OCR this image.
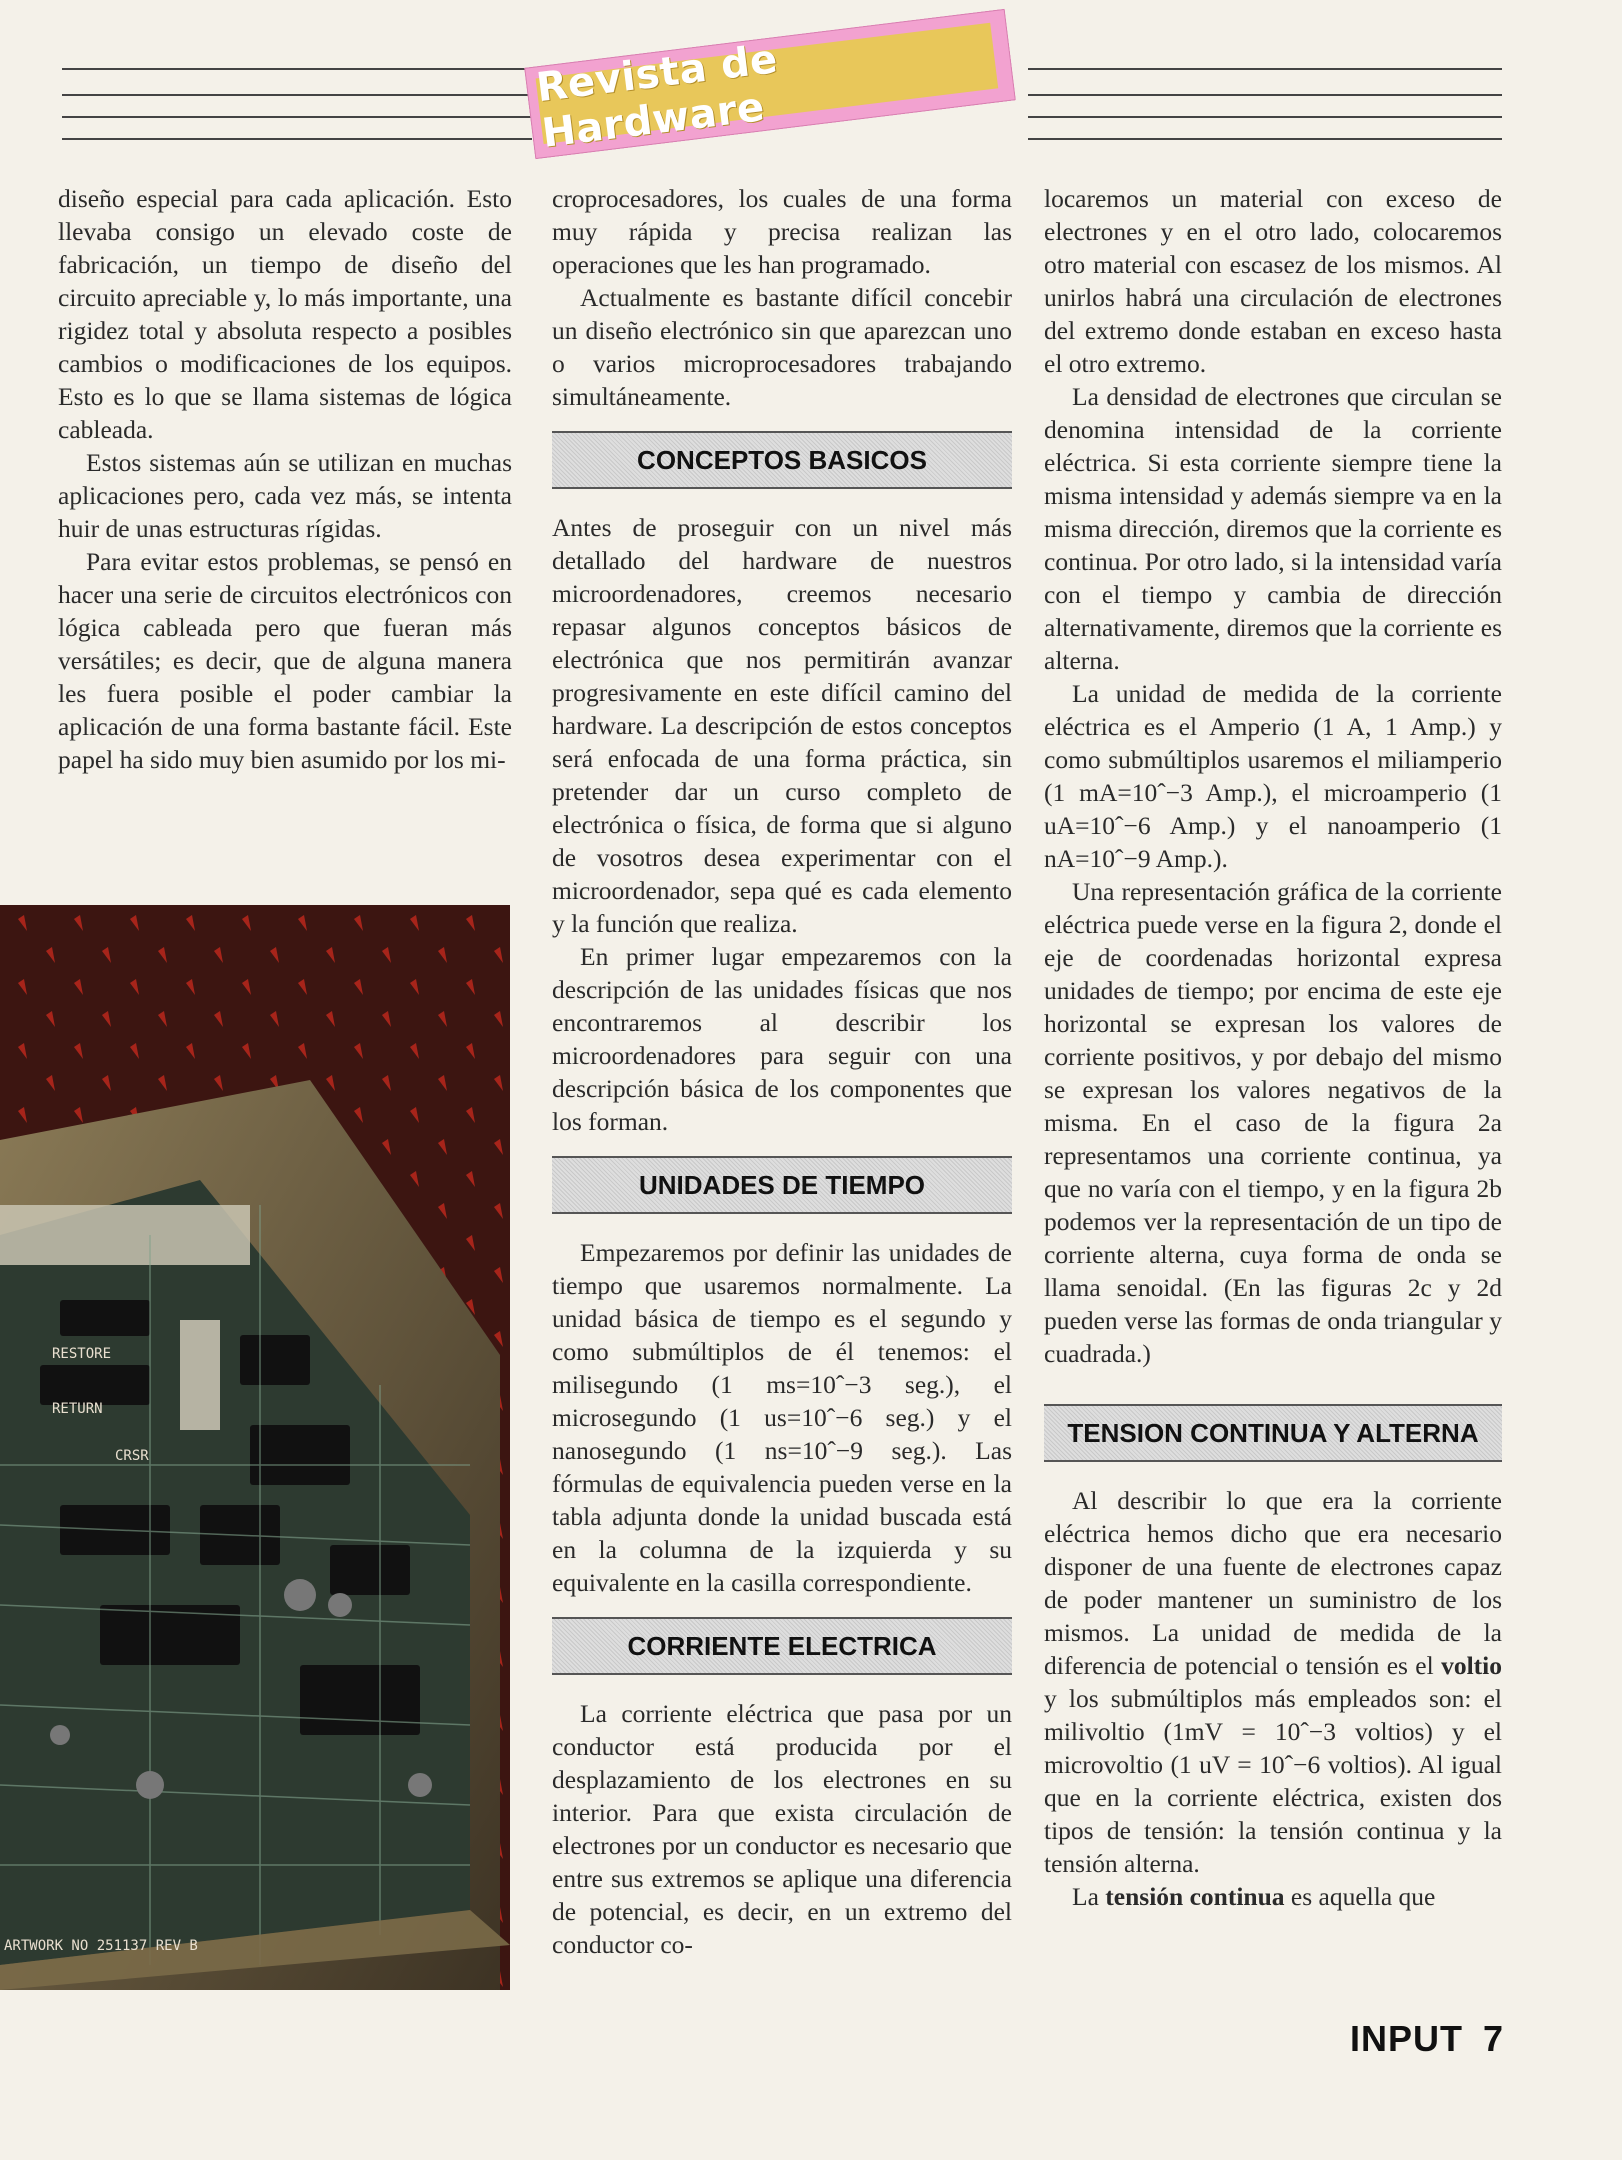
Revista de Hardware

diseño especial para cada aplicación. Esto llevaba consigo un elevado coste de fabricación, un tiempo de diseño del circuito apreciable y, lo más importante, una rigidez total y absoluta respecto a posibles cambios o modificaciones de los equipos. Esto es lo que se llama sistemas de lógica cableada.

Estos sistemas aún se utilizan en muchas aplicaciones pero, cada vez más, se intenta huir de unas estructuras rígidas.

Para evitar estos problemas, se pensó en hacer una serie de circuitos electrónicos con lógica cableada pero que fueran más versátiles; es decir, que de alguna manera les fuera posible el poder cambiar la aplicación de una forma bastante fácil. Este papel ha sido muy bien asumido por los mi-

RESTORE
RETURN
CRSR
ARTWORK NO 251137 REV B

croprocesadores, los cuales de una forma muy rápida y precisa realizan las operaciones que les han programado.

Actualmente es bastante difícil concebir un diseño electrónico sin que aparezcan uno o varios microprocesadores trabajando simultáneamente.

CONCEPTOS BASICOS

Antes de proseguir con un nivel más detallado del hardware de nuestros microordenadores, creemos necesario repasar algunos conceptos básicos de electrónica que nos permitirán avanzar progresivamente en este difícil camino del hardware. La descripción de estos conceptos será enfocada de una forma práctica, sin pretender dar un curso completo de electrónica o física, de forma que si alguno de vosotros desea experimentar con el microordenador, sepa qué es cada elemento y la función que realiza.

En primer lugar empezaremos con la descripción de las unidades físicas que nos encontraremos al describir los microordenadores para seguir con una descripción básica de los componentes que los forman.

UNIDADES DE TIEMPO

Empezaremos por definir las unidades de tiempo que usaremos normalmente. La unidad básica de tiempo es el segundo y como submúltiplos de él tenemos: el milisegundo (1 ms=10ˆ−3 seg.), el microsegundo (1 us=10ˆ−6 seg.) y el nanosegundo (1 ns=10ˆ−9 seg.). Las fórmulas de equivalencia pueden verse en la tabla adjunta donde la unidad buscada está en la columna de la izquierda y su equivalente en la casilla correspondiente.

CORRIENTE ELECTRICA

La corriente eléctrica que pasa por un conductor está producida por el desplazamiento de los electrones en su interior. Para que exista circulación de electrones por un conductor es necesario que entre sus extremos se aplique una diferencia de potencial, es decir, en un extremo del conductor co-

locaremos un material con exceso de electrones y en el otro lado, colocaremos otro material con escasez de los mismos. Al unirlos habrá una circulación de electrones del extremo donde estaban en exceso hasta el otro extremo.

La densidad de electrones que circulan se denomina intensidad de la corriente eléctrica. Si esta corriente siempre tiene la misma intensidad y además siempre va en la misma dirección, diremos que la corriente es continua. Por otro lado, si la intensidad varía con el tiempo y cambia de dirección alternativamente, diremos que la corriente es alterna.

La unidad de medida de la corriente eléctrica es el Amperio (1 A, 1 Amp.) y como submúltiplos usaremos el miliamperio (1 mA=10ˆ−3 Amp.), el microamperio (1 uA=10ˆ−6 Amp.) y el nanoamperio (1 nA=10ˆ−9 Amp.).

Una representación gráfica de la corriente eléctrica puede verse en la figura 2, donde el eje de coordenadas horizontal expresa unidades de tiempo; por encima de este eje horizontal se expresan los valores de corriente positivos, y por debajo del mismo se expresan los valores negativos de la misma. En el caso de la figura 2a representamos una corriente continua, ya que no varía con el tiempo, y en la figura 2b podemos ver la representación de un tipo de corriente alterna, cuya forma de onda se llama senoidal. (En las figuras 2c y 2d pueden verse las formas de onda triangular y cuadrada.)

TENSION CONTINUA Y ALTERNA

Al describir lo que era la corriente eléctrica hemos dicho que era necesario disponer de una fuente de electrones capaz de poder mantener un suministro de los mismos. La unidad de medida de la diferencia de potencial o tensión es el voltio y los submúltiplos más empleados son: el milivoltio (1mV = 10ˆ−3 voltios) y el microvoltio (1 uV = 10ˆ−6 voltios). Al igual que en la corriente eléctrica, existen dos tipos de tensión: la tensión continua y la tensión alterna.

La tensión continua es aquella que

INPUT 7
